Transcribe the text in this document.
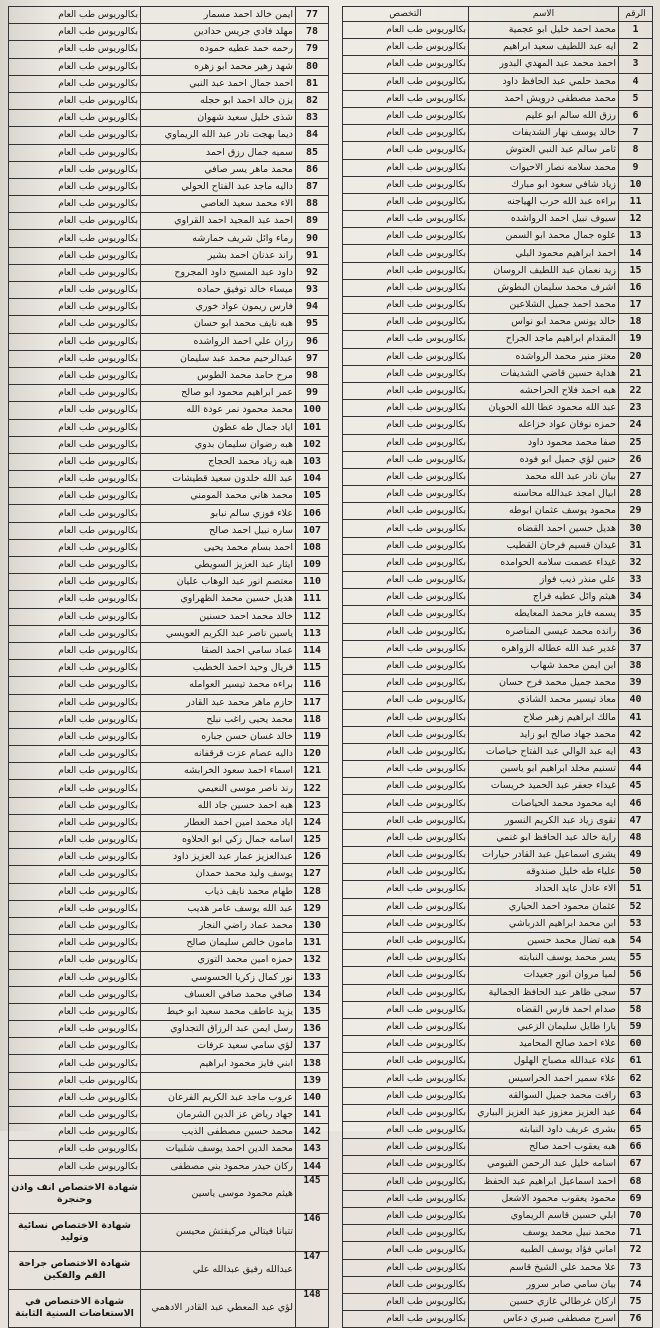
الرقم	الاسم	التخصص
1	محمد احمد خليل ابو عجمية	بكالوريوس طب العام
2	ايه عبد اللطيف سعيد ابراهيم	بكالوريوس طب العام
3	احمد محمد عبد المهدي البدور	بكالوريوس طب العام
4	محمد حلمي عبد الحافظ داود	بكالوريوس طب العام
5	محمد مصطفى درويش احمد	بكالوريوس طب العام
6	رزق الله سالم ابو عليم	بكالوريوس طب العام
7	خالد يوسف نهار الشديفات	بكالوريوس طب العام
8	ثامر سالم عبد النبي العتوش	بكالوريوس طب العام
9	محمد سلامه نصار الاحيوات	بكالوريوس طب العام
10	زياد شافي سعود ابو مبارك	بكالوريوس طب العام
11	براءه عبد الله حرب الهياجنه	بكالوريوس طب العام
12	سيوف نبيل احمد الرواشده	بكالوريوس طب العام
13	علوه جمال محمد ابو السمن	بكالوريوس طب العام
14	احمد ابراهيم محمود البلي	بكالوريوس طب العام
15	زيد نعمان عبد اللطيف الروسان	بكالوريوس طب العام
16	اشرف محمد سليمان البطوش	بكالوريوس طب العام
17	محمد احمد جميل الشلاعين	بكالوريوس طب العام
18	خالد يونس محمد ابو نواس	بكالوريوس طب العام
19	المقدام ابراهيم ماجد الجراح	بكالوريوس طب العام
20	معتز منير محمد الرواشده	بكالوريوس طب العام
21	هداية حسين قاضي الشديفات	بكالوريوس طب العام
22	هبه احمد فلاح الحراحشه	بكالوريوس طب العام
23	عبد الله محمود عطا الله الحويان	بكالوريوس طب العام
24	حمزه نوفان عواد خزاعله	بكالوريوس طب العام
25	صفا محمد محمود داود	بكالوريوس طب العام
26	حنين لؤي جميل ابو فوده	بكالوريوس طب العام
27	بيان نادر عبد الله محمد	بكالوريوس طب العام
28	ابيال امجد عبدالله محاسنه	بكالوريوس طب العام
29	محمود يوسف عثمان ابوطه	بكالوريوس طب العام
30	هديل حسين احمد القضاه	بكالوريوس طب العام
31	غيدان قسيم فرحان القطيب	بكالوريوس طب العام
32	غيداء عصمت سلامه الحوامده	بكالوريوس طب العام
33	علي منذر ذيب فواز	بكالوريوس طب العام
34	هيثم وائل عطيه فراج	بكالوريوس طب العام
35	يسمه فايز محمد المعايطه	بكالوريوس طب العام
36	رانده محمد عيسى المناصره	بكالوريوس طب العام
37	غدير عبد الله عطاله الزواهره	بكالوريوس طب العام
38	ابن ايمن محمد شهاب	بكالوريوس طب العام
39	محمد جميل محمد فرح حسان	بكالوريوس طب العام
40	معاذ تيسير محمد الشاذي	بكالوريوس طب العام
41	مالك ابراهيم زهير صلاح	بكالوريوس طب العام
42	محمد جهاد صالح ابو زايد	بكالوريوس طب العام
43	ايه عبد الوالي عبد الفتاح حياصات	بكالوريوس طب العام
44	تسنيم مخلد ابراهيم ابو ياسين	بكالوريوس طب العام
45	غيداء جعفر عبد الحميد خريسات	بكالوريوس طب العام
46	ايه محمود محمد الحياصات	بكالوريوس طب العام
47	تقوى زياد عبد الكريم النسور	بكالوريوس طب العام
48	راية خالد عبد الحافظ ابو غنمي	بكالوريوس طب العام
49	يشرى اسماعيل عبد القادر حيارات	بكالوريوس طب العام
50	علياء طه خليل صندوقه	بكالوريوس طب العام
51	الاء عادل عايد الحداد	بكالوريوس طب العام
52	عثمان محمود احمد الحياري	بكالوريوس طب العام
53	ابن محمد ابراهيم الدرباشي	بكالوريوس طب العام
54	هبه تضال محمد حسين	بكالوريوس طب العام
55	يسر محمد يوسف النبابته	بكالوريوس طب العام
56	لميا مروان انور جعيدات	بكالوريوس طب العام
57	سجى ظاهر عبد الحافظ الجمالية	بكالوريوس طب العام
58	صدام احمد فارس القضاه	بكالوريوس طب العام
59	يارا طايل سليمان الزعبي	بكالوريوس طب العام
60	علاء احمد صالح المحاميد	بكالوريوس طب العام
61	علاء عبدالله مصباح الهلول	بكالوريوس طب العام
62	علاء سمير احمد الحراسيس	بكالوريوس طب العام
63	رافت محمد جميل السوالقه	بكالوريوس طب العام
64	عبد العزيز معزوز عبد العزيز البياري	بكالوريوس طب العام
65	بشرى عريف داود النبابته	بكالوريوس طب العام
66	هبه يعقوب احمد صالح	بكالوريوس طب العام
67	اسامه خليل عبد الرحمن القيومي	بكالوريوس طب العام
68	احمد اسماعيل ابراهيم عبد الحفظ	بكالوريوس طب العام
69	محمود يعقوب محمود الاشعل	بكالوريوس طب العام
70	ابلي حسين قاسم الريماوي	بكالوريوس طب العام
71	محمد نبيل محمد يوسف	بكالوريوس طب العام
72	اماني فؤاد يوسف الطبيه	بكالوريوس طب العام
73	علا محمد علي الشيخ قاسم	بكالوريوس طب العام
74	بيان سامي صابر سرور	بكالوريوس طب العام
75	اركان غرطالي غازي حسين	بكالوريوس طب العام
76	اسرح مصطفى صبري دعاس	بكالوريوس طب العام
77	ايمن خالد احمد مسمار	بكالوريوس طب العام
78	مهلد فادي جريس حدادين	بكالوريوس طب العام
79	رحمه حمد عطيه حموده	بكالوريوس طب العام
80	شهد زهير محمد ابو زهره	بكالوريوس طب العام
81	احمد جمال احمد عبد النبي	بكالوريوس طب العام
82	يزن خالد احمد ابو حجله	بكالوريوس طب العام
83	شذى خليل سعيد شهوان	بكالوريوس طب العام
84	ديما بهجت نادر عبد الله الريماوي	بكالوريوس طب العام
85	سميه جمال رزق احمد	بكالوريوس طب العام
86	محمد ماهر يسر صافي	بكالوريوس طب العام
87	داليه ماجد عبد الفتاح الحولي	بكالوريوس طب العام
88	الاء محمد سعيد العاصي	بكالوريوس طب العام
89	احمد عبد المجيد احمد القراوي	بكالوريوس طب العام
90	رماء وائل شريف حمارشه	بكالوريوس طب العام
91	راند عدنان احمد بشير	بكالوريوس طب العام
92	داود عبد المسيح داود المجروح	بكالوريوس طب العام
93	ميساء خالد توفيق حماده	بكالوريوس طب العام
94	فارس ريمون عواد خوري	بكالوريوس طب العام
95	هبه نايف محمد ابو حسان	بكالوريوس طب العام
96	رزان علي احمد الرواشده	بكالوريوس طب العام
97	عبدالرحيم محمد عبد سليمان	بكالوريوس طب العام
98	مرح حامد محمد الطوس	بكالوريوس طب العام
99	عمر ابراهيم محمود ابو صالح	بكالوريوس طب العام
100	محمد محمود نمر عودة الله	بكالوريوس طب العام
101	اياد جمال طه عطون	بكالوريوس طب العام
102	هبه رضوان سليمان بدوي	بكالوريوس طب العام
103	هبه زياد محمد الحجاج	بكالوريوس طب العام
104	عبد الله خلدون سعيد قطيشات	بكالوريوس طب العام
105	محمد هاني محمد المومني	بكالوريوس طب العام
106	علاء فوزي سالم نبابو	بكالوريوس طب العام
107	ساره نبيل احمد صالح	بكالوريوس طب العام
108	احمد بسام محمد يحيى	بكالوريوس طب العام
109	ايثار عبد العزيز السويطي	بكالوريوس طب العام
110	معتصم انور عبد الوهاب عليان	بكالوريوس طب العام
111	هديل حسين محمد الظهراوي	بكالوريوس طب العام
112	خالد محمد احمد حسنين	بكالوريوس طب العام
113	ياسين ناصر عبد الكريم العويسي	بكالوريوس طب العام
114	عماد سامي احمد الصقا	بكالوريوس طب العام
115	فريال وحيد احمد الخطيب	بكالوريوس طب العام
116	براءه محمد تيسير العوامله	بكالوريوس طب العام
117	حازم ماهر محمد عبد القادر	بكالوريوس طب العام
118	محمد يحيى راغب نبلح	بكالوريوس طب العام
119	خالد غسان حسن جباره	بكالوريوس طب العام
120	داليه عصام عزت قرقفانه	بكالوريوس طب العام
121	اسماء احمد سعود الخرابشه	بكالوريوس طب العام
122	رند ناصر موسى النعيمي	بكالوريوس طب العام
123	هبه احمد حسين جاد الله	بكالوريوس طب العام
124	اياد محمد امين احمد العطار	بكالوريوس طب العام
125	اسامه جمال زكي ابو الحلاوه	بكالوريوس طب العام
126	عبدالعزيز عمار عبد العزيز داود	بكالوريوس طب العام
127	يوسف وليد محمد حمدان	بكالوريوس طب العام
128	طهام محمد نايف ذياب	بكالوريوس طب العام
129	عبد الله يوسف عامر هديب	بكالوريوس طب العام
130	محمد عماد راضي النجار	بكالوريوس طب العام
131	مامون خالص سليمان صالح	بكالوريوس طب العام
132	حمزه امين محمد التوزي	بكالوريوس طب العام
133	نور كمال زكريا الحسوسي	بكالوريوس طب العام
134	صافي محمد صافي العساف	بكالوريوس طب العام
135	يزيد عاطف محمد سعيد ابو خيط	بكالوريوس طب العام
136	رسل ايمن عبد الرزاق التجداوي	بكالوريوس طب العام
137	لؤي سامي سعيد عرفات	بكالوريوس طب العام
138	ابني فايز محمود ابراهيم	بكالوريوس طب العام
139		بكالوريوس طب العام
140	عروب ماجد عبد الكريم الفرعان	بكالوريوس طب العام
141	جهاد رياض عز الدين الشرمان	بكالوريوس طب العام
142	محمد حسين مصطفى الذيب	بكالوريوس طب العام
143	محمد الدين احمد يوسف شلبيات	بكالوريوس طب العام
144	ركان حيدر محمود بني مصطفى	بكالوريوس طب العام
145	هيثم محمود موسى ياسين	شهادة الاختصاص انف واذن وحنجرة
146	تتيانا فيتالي مركيفتش محيسن	شهادة الاختصاص نسائية وتوليد
147	عبدالله رفيق عبدالله علي	شهادة الاختصاص جراحة الفم والفكين
148	لؤي عبد المعطي عبد القادر الادهمي	شهادة الاختصاص في الاستعاضات السنية الثابتة
